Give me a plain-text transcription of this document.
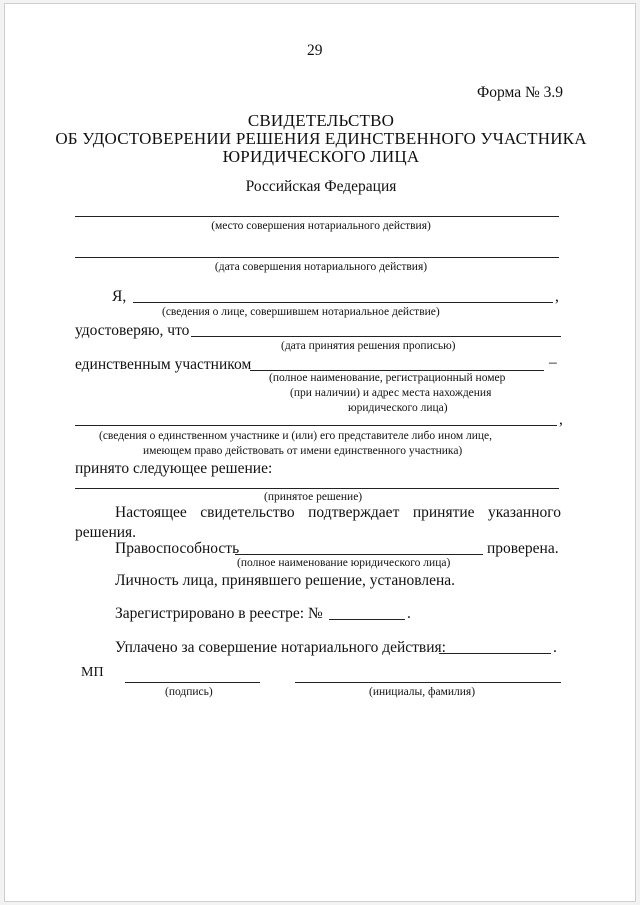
29
Форма № 3.9
СВИДЕТЕЛЬСТВО
ОБ УДОСТОВЕРЕНИИ РЕШЕНИЯ ЕДИНСТВЕННОГО УЧАСТНИКА
ЮРИДИЧЕСКОГО ЛИЦА
Российская Федерация
(место совершения нотариального действия)
(дата совершения нотариального действия)
Я,	,
(сведения о лице, совершившем нотариальное действие)
удостоверяю, что
(дата принятия решения прописью)
единственным участником	–
(полное наименование, регистрационный номер
(при наличии) и адрес места нахождения
юридического лица)
,
(сведения о единственном участнике и (или) его представителе либо ином лице,
имеющем право действовать от имени единственного участника)
принято следующее решение:
(принятое решение)
Настоящее свидетельство подтверждает принятие указанного
решения.
Правоспособность	проверена.
(полное наименование юридического лица)
Личность лица, принявшего решение, установлена.
Зарегистрировано в реестре: №	.
Уплачено за совершение нотариального действия:	.
МП
(подпись)	(инициалы, фамилия)
